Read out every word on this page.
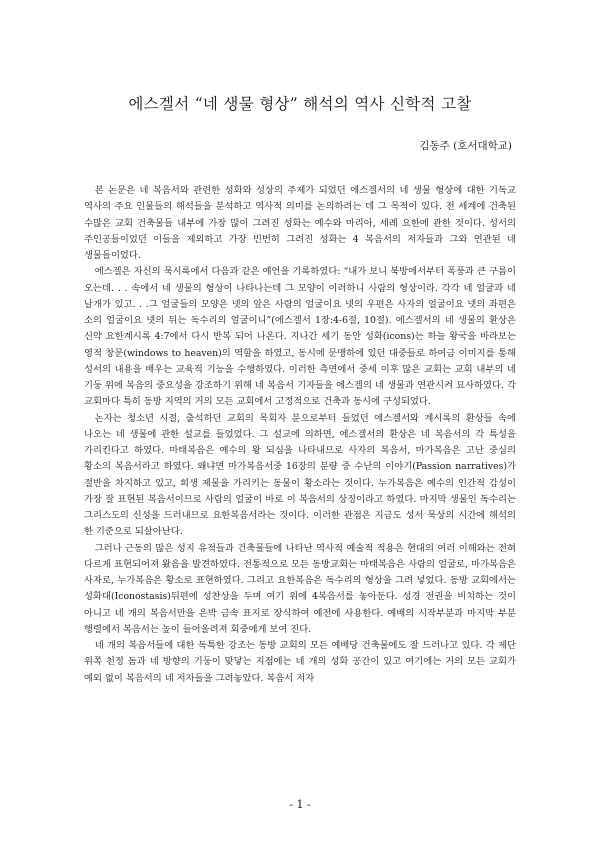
에스겔서 “네 생물 형상” 해석의 역사 신학적 고찰

김동주 (호서대학교)

본 논문은 네 복음서와 관련한 성화와 성상의 주제가 되었던 에스겔서의 네 생물 형상에 대한 기독교 역사의 주요 인물들의 해석들을 분석하고 역사적 의미를 논의하려는 데 그 목적이 있다. 전 세계에 건축된 수많은 교회 건축물들 내부에 가장 많이 그려진 성화는 예수와 마리아, 세례 요한에 관한 것이다. 성서의 주인공들이었던 이들을 제외하고 가장 빈번히 그려진 성화는 4 복음서의 저자들과 그와 연관된 네 생물들이었다.

에스겔은 자신의 묵시록에서 다음과 같은 예언을 기록하였다: “내가 보니 북방에서부터 폭풍과 큰 구름이 오는데. . . 속에서 네 생물의 형상이 나타나는데 그 모양이 이러하니 사람의 형상이라. 각각 네 얼굴과 네 날개가 있고. . .그 얼굴들의 모양은 넷의 앞은 사람의 얼굴이요 넷의 우편은 사자의 얼굴이요 넷의 좌편은 소의 얼굴이요 넷의 뒤는 독수리의 얼굴이니”(에스겔서 1장:4-6절, 10절). 에스겔서의 네 생물의 환상은 신약 요한계시록 4:7에서 다시 반복 되어 나온다. 지나간 세기 동안 성화(icons)는 하늘 왕국을 바라보는 영적 창문(windows to heaven)의 역할을 하였고, 동시에 문맹하에 있던 대중들로 하여금 이미지를 통해 성서의 내용을 배우는 교육적 기능을 수행하였다. 이러한 측면에서 중세 이후 많은 교회는 교회 내부의 네 기둥 위에 복음의 중요성을 강조하기 위해 네 복음서 기자들을 에스겔의 네 생물과 연관시켜 묘사하였다. 각 교회마다 특히 동방 지역의 거의 모든 교회에서 고정적으로 건축과 동시에 구성되었다.

논자는 청소년 시절, 출석하던 교회의 목회자 분으로부터 들었던 에스겔서와 계시록의 환상들 속에 나오는 네 생물에 관한 설교를 들었었다. 그 설교에 의하면, 에스겔서의 환상은 네 복음서의 각 특성을 가리킨다고 하였다. 마태복음은 예수의 왕 되심을 나타내므로 사자의 복음서, 마가복음은 고난 중심의 황소의 복음서라고 하였다. 왜냐면 마가복음서중 16장의 분량 중 수난의 이야기(Passion narratives)가 절반을 차지하고 있고, 희생 제물을 가리키는 동물이 황소라는 것이다. 누가복음은 예수의 인간적 감성이 가장 잘 표현된 복음서이므로 사람의 얼굴이 바로 이 복음서의 상징이라고 하였다. 마지막 생물인 독수리는 그리스도의 신성을 드러내므로 요한복음서라는 것이다. 이러한 관점은 지금도 성서 묵상의 시간에 해석의 한 기준으로 되살아난다.

그러나 근동의 많은 성지 유적들과 건축물들에 나타난 역사적 예술적 적용은 현대의 여러 이해와는 전혀 다르게 표현되어져 왔음을 발견하였다. 전통적으로 모든 동방교회는 마태복음은 사람의 얼굴로, 마가복음은 사자로, 누가복음은 황소로 표현하였다. 그리고 요한복음은 독수리의 형상을 그려 넣었다. 동방 교회에서는 성화대(Iconostasis)뒤편에 성찬상을 두며 여기 위에 4복음서를 놓아둔다. 성경 전권을 비치하는 것이 아니고 네 개의 복음서만을 은박 금속 표지로 장식하여 예전에 사용한다. 예배의 시작부분과 마지막 부분 행렬에서 복음서는 높이 들어올려져 회중에게 보여 진다.

네 개의 복음서들에 대한 독특한 강조는 동방 교회의 모든 예배당 건축물에도 잘 드러나고 있다. 각 제단 위쪽 천정 돔과 네 방향의 기둥이 맞닿는 지점에는 네 개의 성화 공간이 있고 여기에는 거의 모든 교회가 예외 없이 복음서의 네 저자들을 그려놓았다. 복음서 저자

- 1 -
